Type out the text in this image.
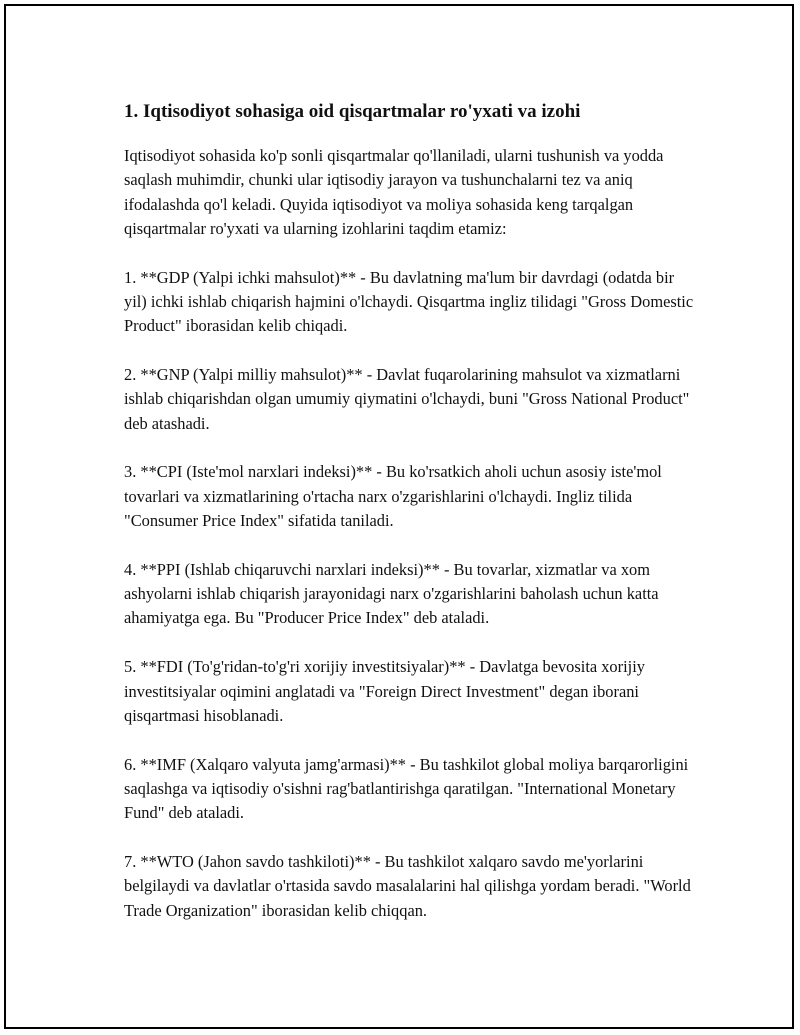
1. Iqtisodiyot sohasiga oid qisqartmalar ro'yxati va izohi

Iqtisodiyot sohasida ko'p sonli qisqartmalar qo'llaniladi, ularni tushunish va yodda saqlash muhimdir, chunki ular iqtisodiy jarayon va tushunchalarni tez va aniq ifodalashda qo'l keladi. Quyida iqtisodiyot va moliya sohasida keng tarqalgan qisqartmalar ro'yxati va ularning izohlarini taqdim etamiz:

1. **GDP (Yalpi ichki mahsulot)** - Bu davlatning ma'lum bir davrdagi (odatda bir yil) ichki ishlab chiqarish hajmini o'lchaydi. Qisqartma ingliz tilidagi "Gross Domestic Product" iborasidan kelib chiqadi.

2. **GNP (Yalpi milliy mahsulot)** - Davlat fuqarolarining mahsulot va xizmatlarni ishlab chiqarishdan olgan umumiy qiymatini o'lchaydi, buni "Gross National Product" deb atashadi.

3. **CPI (Iste'mol narxlari indeksi)** - Bu ko'rsatkich aholi uchun asosiy iste'mol tovarlari va xizmatlarining o'rtacha narx o'zgarishlarini o'lchaydi. Ingliz tilida "Consumer Price Index" sifatida taniladi.

4. **PPI (Ishlab chiqaruvchi narxlari indeksi)** - Bu tovarlar, xizmatlar va xom ashyolarni ishlab chiqarish jarayonidagi narx o'zgarishlarini baholash uchun katta ahamiyatga ega. Bu "Producer Price Index" deb ataladi.

5. **FDI (To'g'ridan-to'g'ri xorijiy investitsiyalar)** - Davlatga bevosita xorijiy investitsiyalar oqimini anglatadi va "Foreign Direct Investment" degan iborani qisqartmasi hisoblanadi.

6. **IMF (Xalqaro valyuta jamg'armasi)** - Bu tashkilot global moliya barqarorligini saqlashga va iqtisodiy o'sishni rag'batlantirishga qaratilgan. "International Monetary Fund" deb ataladi.

7. **WTO (Jahon savdo tashkiloti)** - Bu tashkilot xalqaro savdo me'yorlarini belgilaydi va davlatlar o'rtasida savdo masalalarini hal qilishga yordam beradi. "World Trade Organization" iborasidan kelib chiqqan.
